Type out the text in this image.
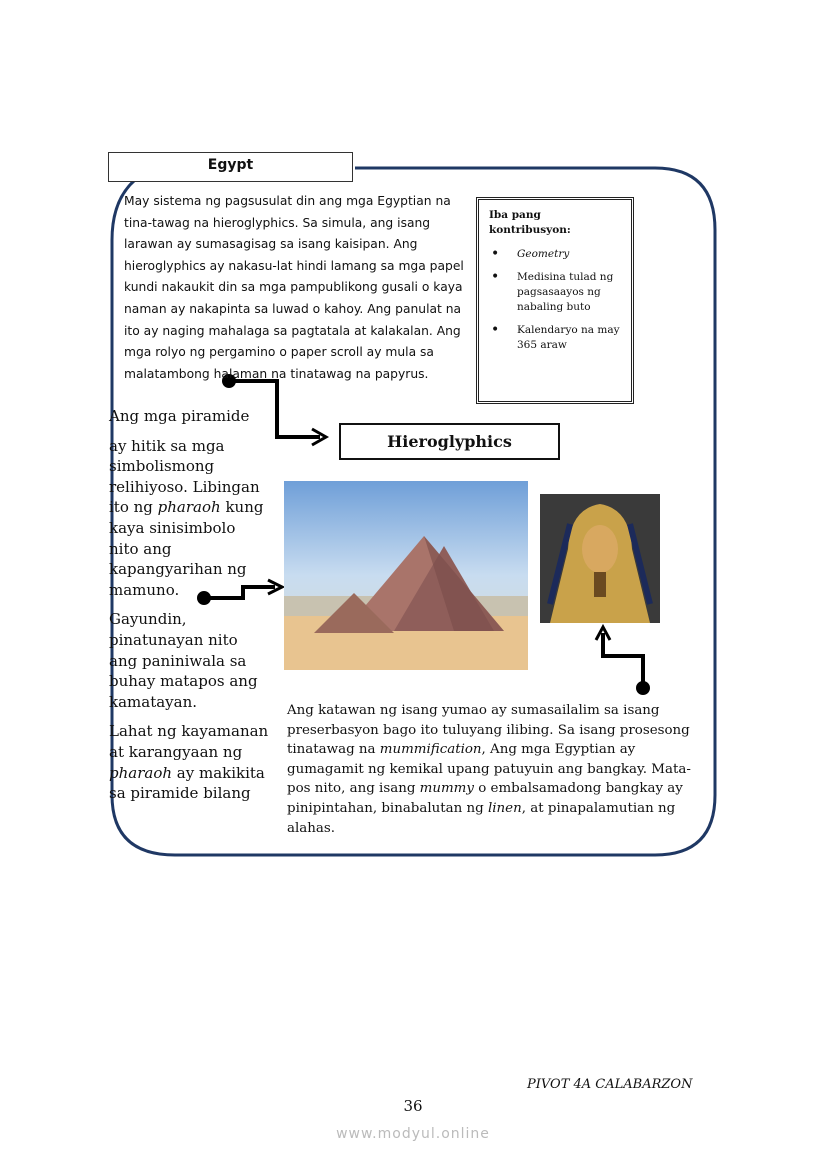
Egypt
May sistema ng pagsusulat din ang mga Egyptian na tina-tawag na hieroglyphics. Sa simula, ang isang larawan ay sumasagisag sa isang kaisipan. Ang hieroglyphics ay nakasu-lat hindi lamang sa mga papel kundi nakaukit din sa mga pampublikong gusali o kaya naman ay nakapinta sa luwad o kahoy. Ang panulat na ito ay naging mahalaga sa pagtatala at kalakalan. Ang mga rolyo ng pergamino o paper scroll ay mula sa malatambong halaman na tinatawag na papyrus.
Iba pang kontribusyon:
• Geometry
• Medisina tulad ng pagsasaayos ng nabaling buto
• Kalendaryo na may 365 araw
Hieroglyphics

Ang mga piramide

ay hitik sa mga simbolismong relihiyoso. Libingan ito ng pharaoh kung kaya sinisimbolo nito ang kapangyarihan ng mamuno.

Gayundin, pinatunayan nito ang paniniwala sa buhay matapos ang kamatayan.

Lahat ng kayamanan at karangyaan ng pharaoh ay makikita sa piramide bilang

Ang katawan ng isang yumao ay sumasailalim sa isang preserbasyon bago ito tuluyang ilibing. Sa isang prosesong tinatawag na mummification, Ang mga Egyptian ay gumagamit ng kemikal upang patuyuin ang bangkay. Mata-pos nito, ang isang mummy o embalsamadong bangkay ay pinipintahan, binabalutan ng linen, at pinapalamutian ng alahas.
PIVOT 4A CALABARZON
36
www.modyul.online
